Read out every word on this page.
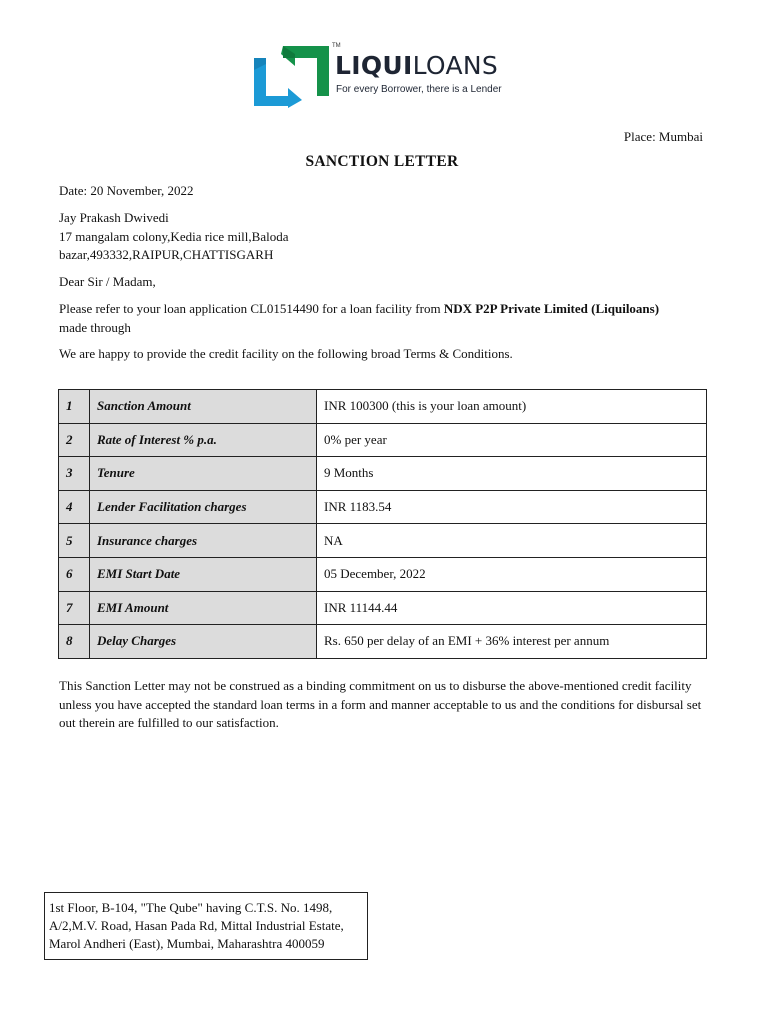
TM
LIQUILOANS
For every Borrower, there is a Lender
Place: Mumbai
SANCTION LETTER
Date: 20 November, 2022
Jay Prakash Dwivedi
17 mangalam colony,Kedia rice mill,Baloda
bazar,493332,RAIPUR,CHATTISGARH
Dear Sir / Madam,
Please refer to your loan application CL01514490 for a loan facility from NDX P2P Private Limited (Liquiloans)
made through
We are happy to provide the credit facility on the following broad Terms & Conditions.
1	Sanction Amount	INR 100300 (this is your loan amount)
2	Rate of Interest % p.a.	0% per year
3	Tenure	9 Months
4	Lender Facilitation charges	INR 1183.54
5	Insurance charges	NA
6	EMI Start Date	05 December, 2022
7	EMI Amount	INR 11144.44
8	Delay Charges	Rs. 650 per delay of an EMI + 36% interest per annum
This Sanction Letter may not be construed as a binding commitment on us to disburse the above-mentioned credit facility unless you have accepted the standard loan terms in a form and manner acceptable to us and the conditions for disbursal set out therein are fulfilled to our satisfaction.
1st Floor, B-104, "The Qube" having C.T.S. No. 1498,
A/2,M.V. Road, Hasan Pada Rd, Mittal Industrial Estate,
Marol Andheri (East), Mumbai, Maharashtra 400059
